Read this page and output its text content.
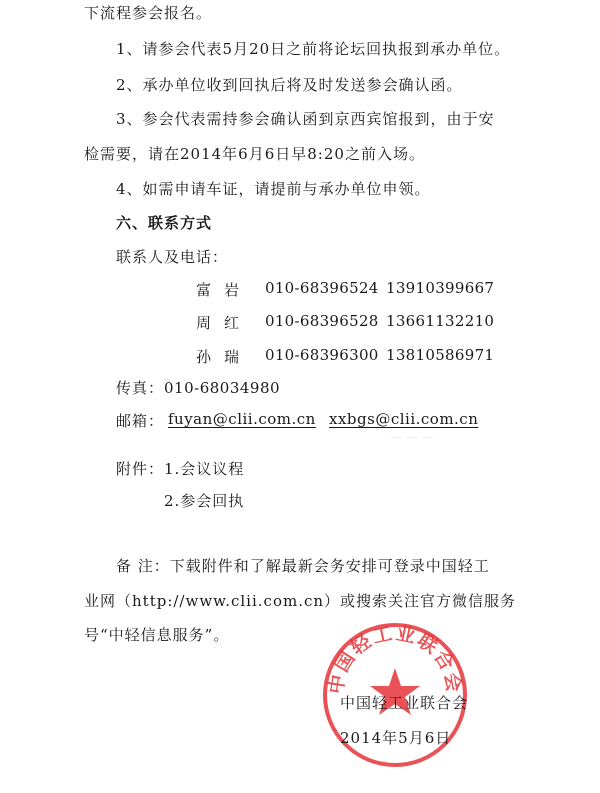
— — —
下流程参会报名。
1、请参会代表5月20日之前将论坛回执报到承办单位。
2、承办单位收到回执后将及时发送参会确认函。
3、参会代表需持参会确认函到京西宾馆报到，由于安
检需要，请在2014年6月6日早8:20之前入场。
4、如需申请车证，请提前与承办单位申领。
六、联系方式
联系人及电话：
富岩 010-68396524 13910399667
周红 010-68396528 13661132210
孙瑞 010-68396300 13810586971
传真：010-68034980
邮箱： fuyan@clii.com.cn xxbgs@clii.com.cn
附件： 1.会议议程
2.参会回执
备 注：下载附件和了解最新会务安排可登录中国轻工
业网（http://www.clii.com.cn）或搜索关注官方微信服务
号“中轻信息服务”。
中国轻工业联合会
中国轻工业联合会
2014年5月6日
